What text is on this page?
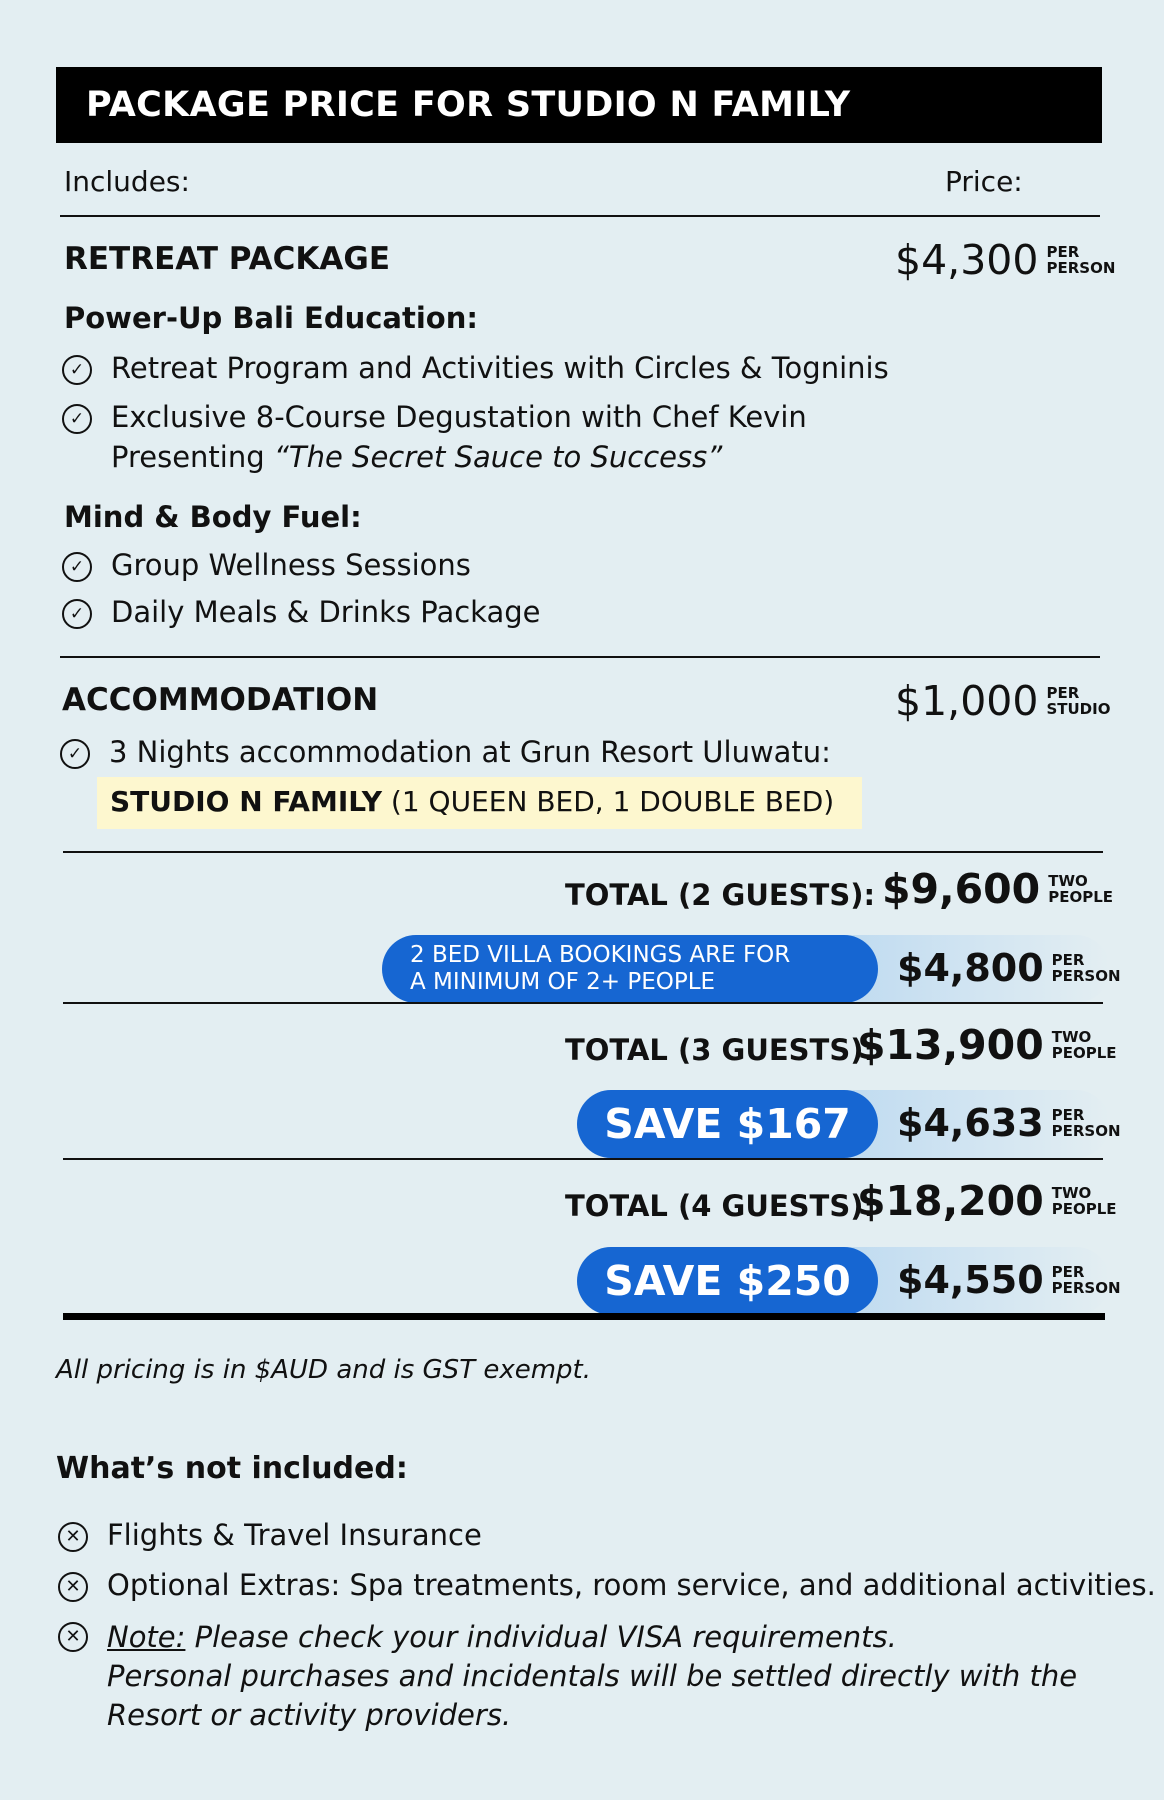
PACKAGE PRICE FOR STUDIO N FAMILY
Includes:	Price:
RETREAT PACKAGE	$4,300 PER
PERSON
Power-Up Bali Education:
✓ Retreat Program and Activities with Circles & Togninis
✓ Exclusive 8-Course Degustation with Chef Kevin
Presenting “The Secret Sauce to Success”
Mind & Body Fuel:
✓ Group Wellness Sessions
✓ Daily Meals & Drinks Package
ACCOMMODATION	$1,000 PER
STUDIO
✓ 3 Nights accommodation at Grun Resort Uluwatu:
STUDIO N FAMILY (1 QUEEN BED, 1 DOUBLE BED)
TOTAL (2 GUESTS): $9,600 TWO
PEOPLE
2 BED VILLA BOOKINGS ARE FOR
A MINIMUM OF 2+ PEOPLE	$4,800 PER
PERSON
TOTAL (3 GUESTS):
$13,900 TWO
PEOPLE
SAVE $167	$4,633 PER
PERSON
TOTAL (4 GUESTS):
$18,200 TWO
PEOPLE
SAVE $250	$4,550 PER
PERSON
All pricing is in $AUD and is GST exempt.
What’s not included:
✕ Flights & Travel Insurance
✕ Optional Extras: Spa treatments, room service, and additional activities.
✕ Note: Please check your individual VISA requirements.
Personal purchases and incidentals will be settled directly with the
Resort or activity providers.
